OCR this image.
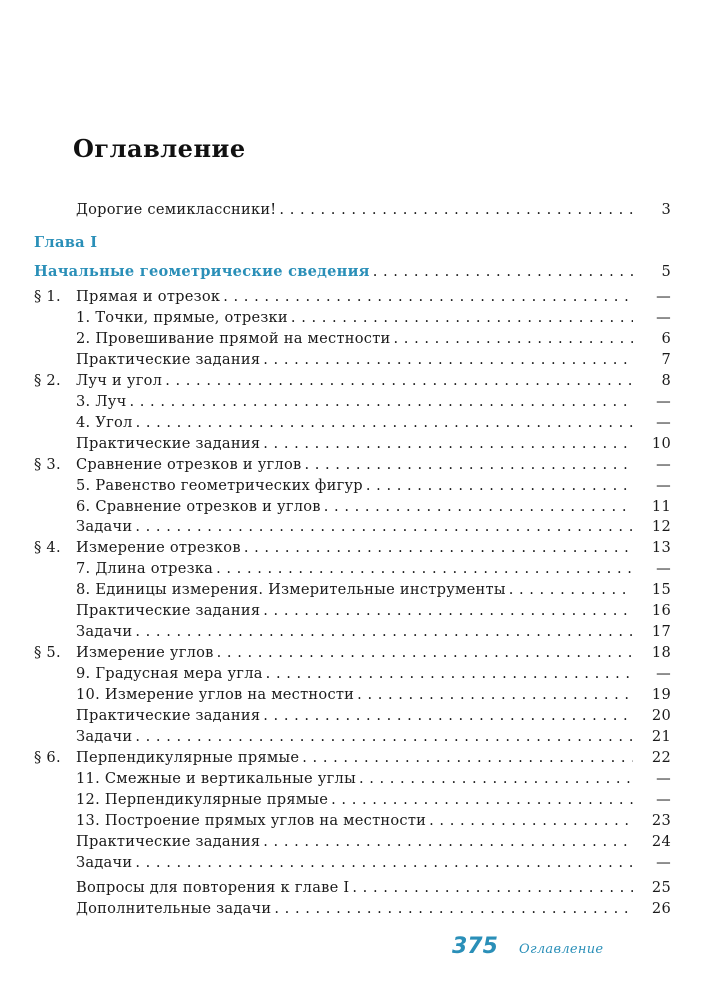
Оглавление
Дорогие семиклассники! . . .	3
Глава I
Начальные геометрические сведения . . .	5
§ 1. Прямая и отрезок . . .	—
1. Точки, прямые, отрезки . . .	—
2. Провешивание прямой на местности . . .	6
Практические задания . . .	7
§ 2. Луч и угол . . .	8
3. Луч . . .	—
4. Угол . . .	—
Практические задания . . .	10
§ 3. Сравнение отрезков и углов . . .	—
5. Равенство геометрических фигур . . .	—
6. Сравнение отрезков и углов . . .	11
Задачи . . .	12
§ 4. Измерение отрезков . . .	13
7. Длина отрезка . . .	—
8. Единицы измерения. Измерительные инструменты . . .	15
Практические задания . . .	16
Задачи . . .	17
§ 5. Измерение углов . . .	18
9. Градусная мера угла . . .	—
10. Измерение углов на местности . . .	19
Практические задания . . .	20
Задачи . . .	21
§ 6. Перпендикулярные прямые . . .	22
11. Смежные и вертикальные углы . . .	—
12. Перпендикулярные прямые . . .	—
13. Построение прямых углов на местности . . .	23
Практические задания . . .	24
Задачи . . .	—
Вопросы для повторения к главе I . . .	25
Дополнительные задачи . . .	26
375 Оглавление
